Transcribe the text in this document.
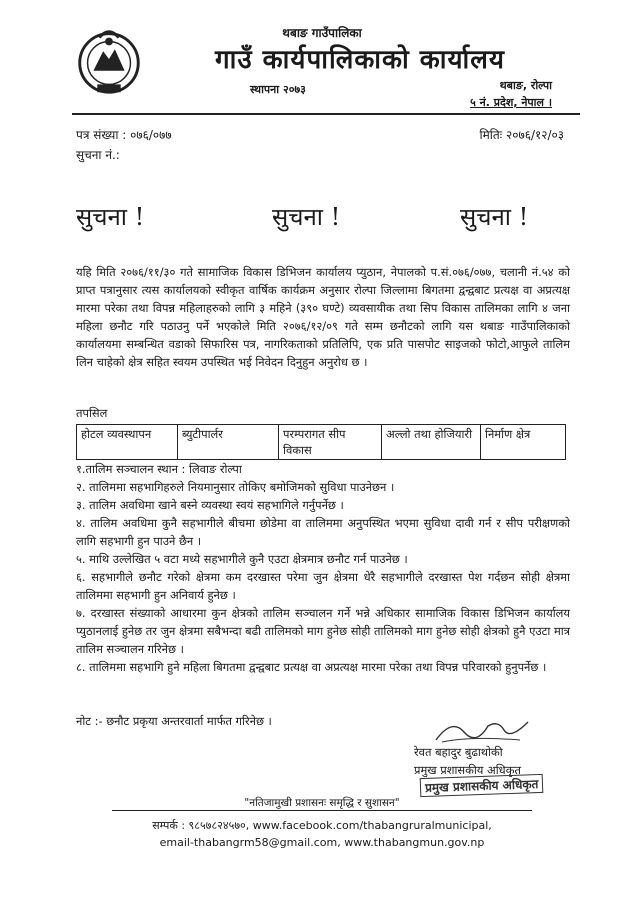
थबाङ गाउँपालिका
गाउँ कार्यपालिकाको कार्यालय
स्थापना २०७३	थबाङ, रोल्पा
५ नं. प्रदेश, नेपाल ।
पत्र संख्या : ०७६/०७७	मितिः २०७६/१२/०३
सुचना नं.:
सुचना !	सुचना !	सुचना !
यहि मिति २०७६/११/३० गते सामाजिक विकास डिभिजन कार्यालय प्युठान, नेपालको प.सं.०७६/०७७, चलानी नं.५४ को प्राप्त पत्रानुसार त्यस कार्यालयको स्वीकृत वार्षिक कार्यक्रम अनुसार रोल्पा जिल्लामा बिगतमा द्वन्द्वबाट प्रत्यक्ष वा अप्रत्यक्ष मारमा परेका तथा विपन्न महिलाहरुको लागि ३ महिने (३९० घण्टे) व्यवसायीक तथा सिप विकास तालिमका लागि ४ जना महिला छनौट गरि पठाउनु पर्ने भएकोले मिति २०७६/१२/०९ गते सम्म छनौटको लागि यस थबाङ गाउँपालिकाको कार्यालयमा सम्बन्धित वडाको सिफारिस पत्र, नागरिकताको प्रतिलिपि, एक प्रति पासपोट साइजको फोटो,आफुले तालिम लिन चाहेको क्षेत्र सहित स्वयम उपस्थित भई निवेदन दिनुहुन अनुरोध छ ।
तपसिल
होटल व्यवस्थापन	ब्युटीपार्लर	परम्परागत सीप विकास	अल्लो तथा होजियारी	निर्माण क्षेत्र
१.तालिम सञ्चालन स्थान : लिवाङ रोल्पा
२. तालिममा सहभागिहरुले नियमानुसार तोकिए बमोजिमको सुविधा पाउनेछन ।
३. तालिम अवधिमा खाने बस्ने व्यवस्था स्वयं सहभागिले गर्नुपर्नेछ ।
४. तालिम अवधिमा कुनै सहभागीले बीचमा छोडेमा वा तालिममा अनुपस्थित भएमा सुविधा दावी गर्न र सीप परीक्षणको लागि सहभागी हुन पाउने छैन ।
५. माथि उल्लेखित ५ वटा मध्ये सहभागीले कुनै एउटा क्षेत्रमात्र छनौट गर्न पाउनेछ ।
६. सहभागीले छनौट गरेको क्षेत्रमा कम दरखास्त परेमा जुन क्षेत्रमा धेरै सहभागीले दरखास्त पेश गर्दछन सोही क्षेत्रमा तालिममा सहभागी हुन अनिवार्य हुनेछ ।
७. दरखास्त संख्याको आधारमा कुन क्षेत्रको तालिम सञ्चालन गर्ने भन्ने अधिकार सामाजिक विकास डिभिजन कार्यालय प्युठानलाई हुनेछ तर जुन क्षेत्रमा सबैभन्दा बढी तालिमको माग हुनेछ सोही तालिमको माग हुनेछ सोही क्षेत्रको हुनै एउटा मात्र तालिम सञ्चालन गरिनेछ ।
८. तालिममा सहभागि हुने महिला बिगतमा द्वन्द्वबाट प्रत्यक्ष वा अप्रत्यक्ष मारमा परेका तथा विपन्न परिवारको हुनुपर्नेछ ।
नोट :- छनौट प्रकृया अन्तरवार्ता मार्फत गरिनेछ ।
रेवत बहादुर बुढाथोकी
प्रमुख प्रशासकीय अधिकृत
प्रमुख प्रशासकीय अधिकृत
"नतिजामुखी प्रशासनः समृद्धि र सुशासन"
सम्पर्क : ९८५७८२४५७०, www.facebook.com/thabangruralmunicipal,
email-thabangrm58@gmail.com, www.thabangmun.gov.np
